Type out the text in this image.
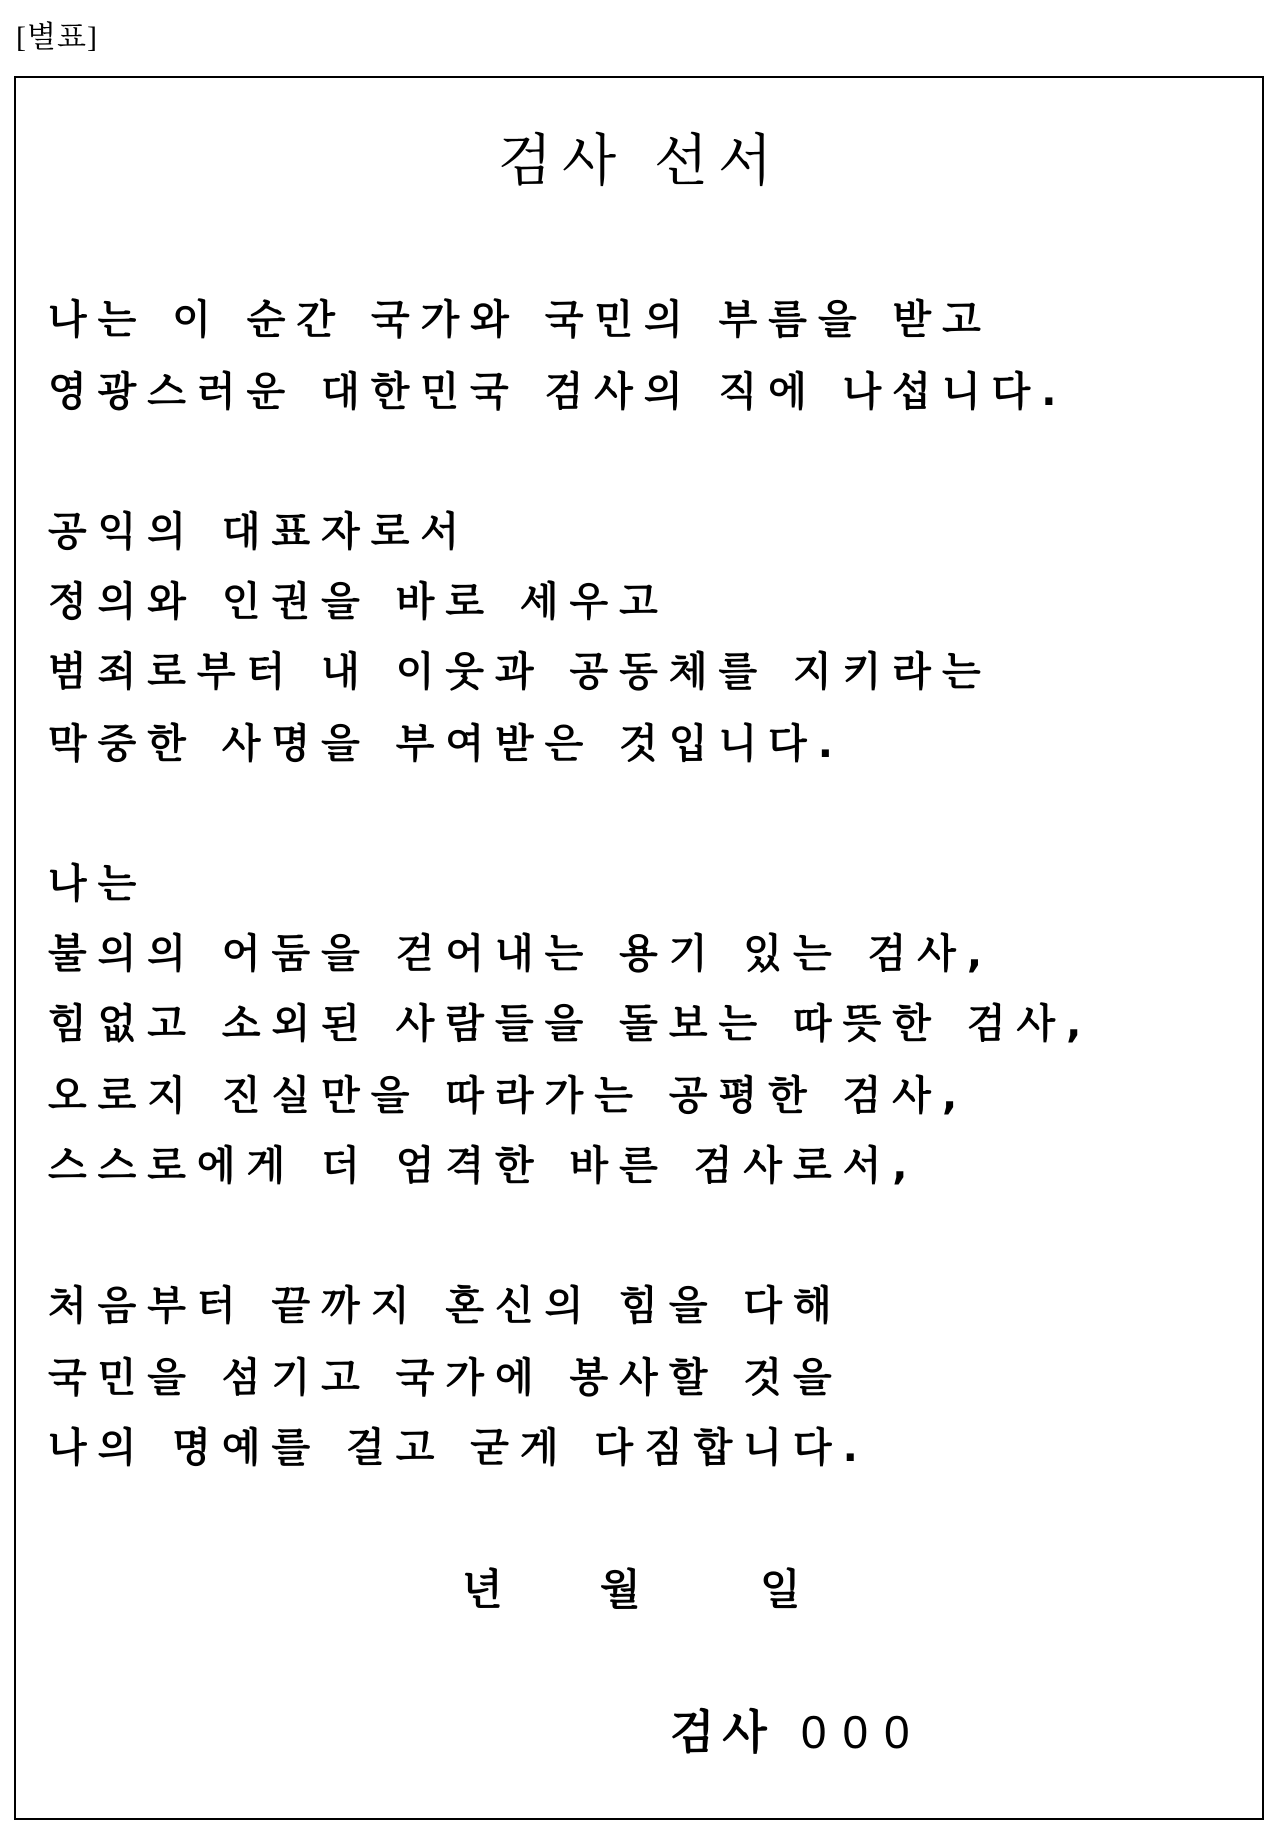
[별표]
검사 선서
나는 이 순간 국가와 국민의 부름을 받고
영광스러운 대한민국 검사의 직에 나섭니다.
공익의 대표자로서
정의와 인권을 바로 세우고
범죄로부터 내 이웃과 공동체를 지키라는
막중한 사명을 부여받은 것입니다.
나는
불의의 어둠을 걷어내는 용기 있는 검사,
힘없고 소외된 사람들을 돌보는 따뜻한 검사,
오로지 진실만을 따라가는 공평한 검사,
스스로에게 더 엄격한 바른 검사로서,
처음부터 끝까지 혼신의 힘을 다해
국민을 섬기고 국가에 봉사할 것을
나의 명예를 걸고 굳게 다짐합니다.
년 월	일
검사 000
